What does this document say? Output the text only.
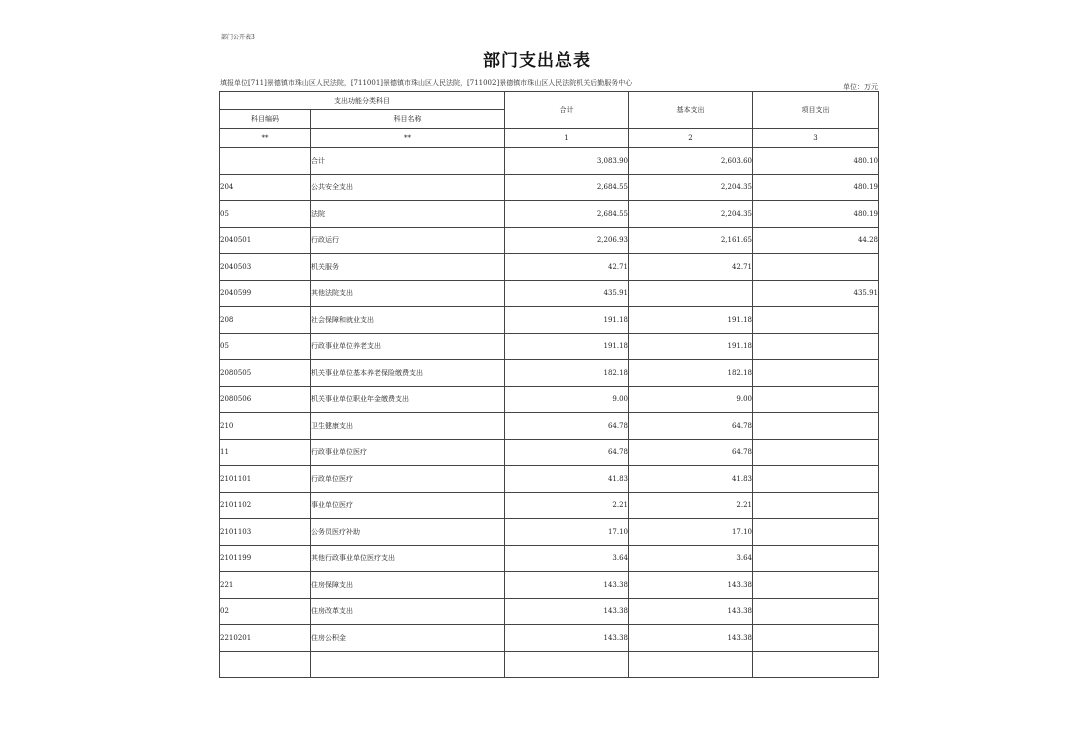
部门公开表3
部门支出总表
填报单位[711]景德镇市珠山区人民法院，[711001]景德镇市珠山区人民法院，[711002]景德镇市珠山区人民法院机关后勤服务中心	单位：万元
支出功能分类科目		合计	基本支出	项目支出
科目编码	科目名称			
**	**	1	2	3
	合计	3,083.90	2,603.60	480.10
204	公共安全支出	2,684.55	2,204.35	480.19
05	法院	2,684.55	2,204.35	480.19
2040501	行政运行	2,206.93	2,161.65	44.28
2040503	机关服务	42.71	42.71	
2040599	其他法院支出	435.91		435.91
208	社会保障和就业支出	191.18	191.18	
05	行政事业单位养老支出	191.18	191.18	
2080505	机关事业单位基本养老保险缴费支出	182.18	182.18	
2080506	机关事业单位职业年金缴费支出	9.00	9.00	
210	卫生健康支出	64.78	64.78	
11	行政事业单位医疗	64.78	64.78	
2101101	行政单位医疗	41.83	41.83	
2101102	事业单位医疗	2.21	2.21	
2101103	公务员医疗补助	17.10	17.10	
2101199	其他行政事业单位医疗支出	3.64	3.64	
221	住房保障支出	143.38	143.38	
02	住房改革支出	143.38	143.38	
2210201	住房公积金	143.38	143.38	
